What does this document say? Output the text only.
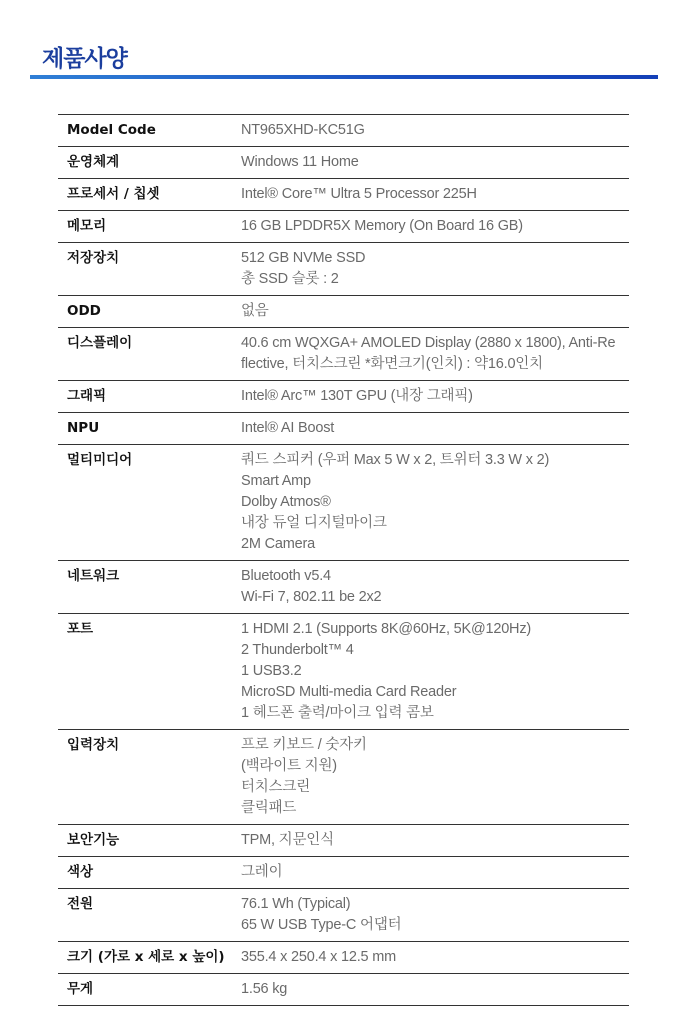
제품사양
Model Code	NT965XHD-KC51G

운영체계	Windows 11 Home

프로세서 / 칩셋	Intel® Core™ Ultra 5 Processor 225H

메모리	16 GB LPDDR5X Memory (On Board 16 GB)

저장장치	512 GB NVMe SSD
총 SSD 슬롯 : 2

ODD	없음

디스플레이	40.6 cm WQXGA+ AMOLED Display (2880 x 1800), Anti-Re
flective, 터치스크린 *화면크기(인치) : 약16.0인치

그래픽	Intel® Arc™ 130T GPU (내장 그래픽)

NPU	Intel® AI Boost

멀티미디어	쿼드 스피커 (우퍼 Max 5 W x 2, 트위터 3.3 W x 2)
Smart Amp
Dolby Atmos®
내장 듀얼 디지털마이크
2M Camera

네트워크	Bluetooth v5.4
Wi-Fi 7, 802.11 be 2x2

포트	1 HDMI 2.1 (Supports 8K@60Hz, 5K@120Hz)
2 Thunderbolt™ 4
1 USB3.2
MicroSD Multi-media Card Reader
1 헤드폰 출력/마이크 입력 콤보

입력장치	프로 키보드 / 숫자키
(백라이트 지원)
터치스크린
클릭패드

보안기능	TPM, 지문인식

색상	그레이

전원	76.1 Wh (Typical)
65 W USB Type-C 어댑터

크기 (가로 x 세로 x 높이)	355.4 x 250.4 x 12.5 mm

무게	1.56 kg
